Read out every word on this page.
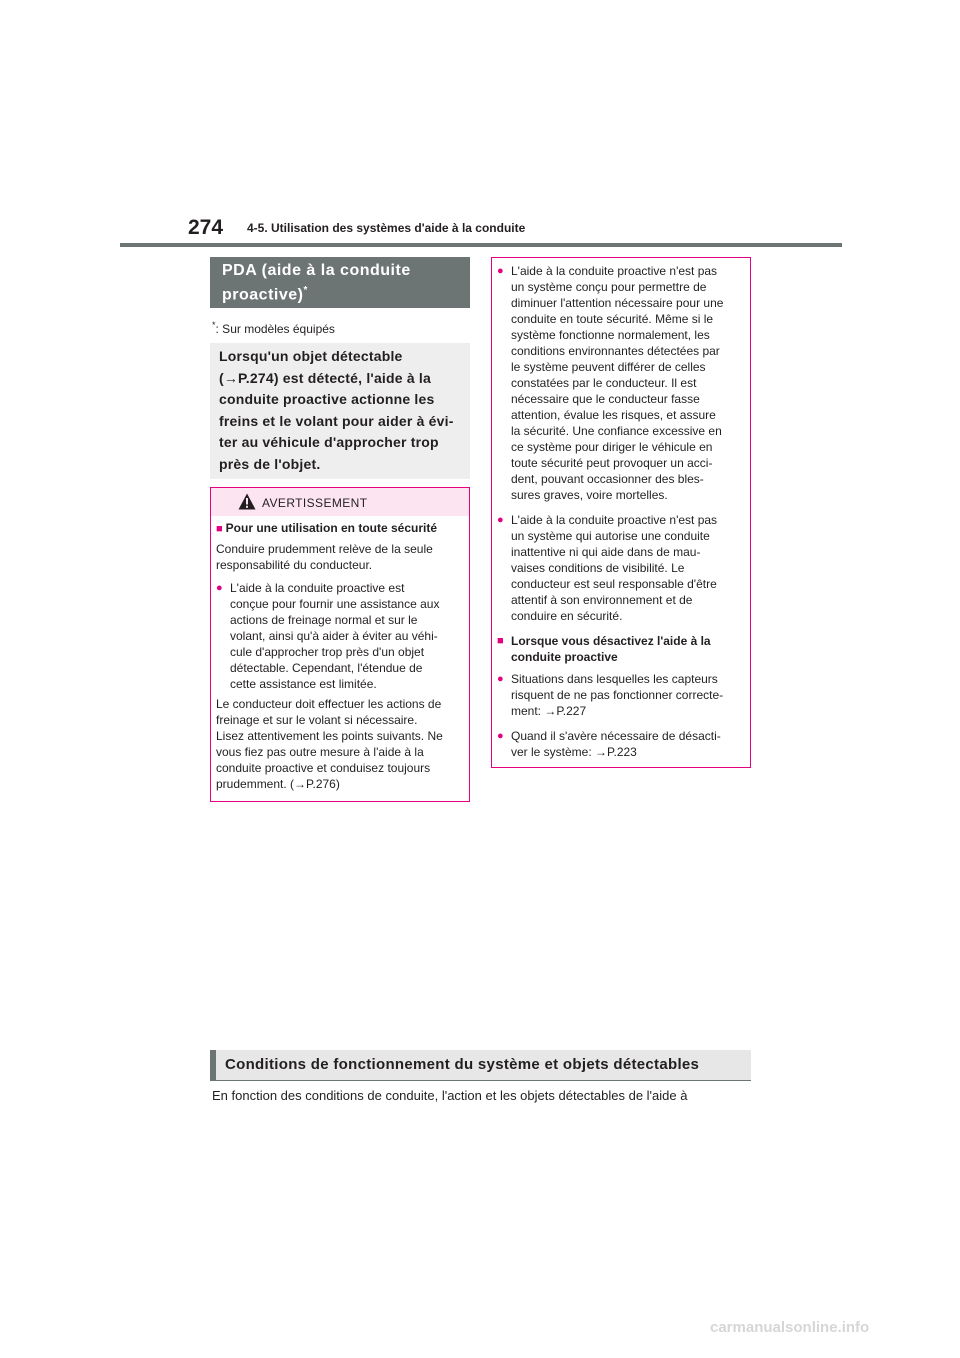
274 4-5. Utilisation des systèmes d'aide à la conduite
PDA (aide à la conduite
proactive)*
*: Sur modèles équipés
Lorsqu'un objet détectable
(→P.274) est détecté, l'aide à la
conduite proactive actionne les
freins et le volant pour aider à évi-
ter au véhicule d'approcher trop
près de l'objet.
AVERTISSEMENT
■ Pour une utilisation en toute sécurité
Conduire prudemment relève de la seule
responsabilité du conducteur.
● L'aide à la conduite proactive est
conçue pour fournir une assistance aux
actions de freinage normal et sur le
volant, ainsi qu'à aider à éviter au véhi-
cule d'approcher trop près d'un objet
détectable. Cependant, l'étendue de
cette assistance est limitée.
Le conducteur doit effectuer les actions de
freinage et sur le volant si nécessaire.
Lisez attentivement les points suivants. Ne
vous fiez pas outre mesure à l'aide à la
conduite proactive et conduisez toujours
prudemment. (→P.276)
● L'aide à la conduite proactive n'est pas
un système conçu pour permettre de
diminuer l'attention nécessaire pour une
conduite en toute sécurité. Même si le
système fonctionne normalement, les
conditions environnantes détectées par
le système peuvent différer de celles
constatées par le conducteur. Il est
nécessaire que le conducteur fasse
attention, évalue les risques, et assure
la sécurité. Une confiance excessive en
ce système pour diriger le véhicule en
toute sécurité peut provoquer un acci-
dent, pouvant occasionner des bles-
sures graves, voire mortelles.
● L'aide à la conduite proactive n'est pas
un système qui autorise une conduite
inattentive ni qui aide dans de mau-
vaises conditions de visibilité. Le
conducteur est seul responsable d'être
attentif à son environnement et de
conduire en sécurité.
■ Lorsque vous désactivez l'aide à la
conduite proactive
● Situations dans lesquelles les capteurs
risquent de ne pas fonctionner correcte-
ment: →P.227
● Quand il s'avère nécessaire de désacti-
ver le système: →P.223
Conditions de fonctionnement du système et objets détectables
En fonction des conditions de conduite, l'action et les objets détectables de l'aide à
carmanualsonline.info
